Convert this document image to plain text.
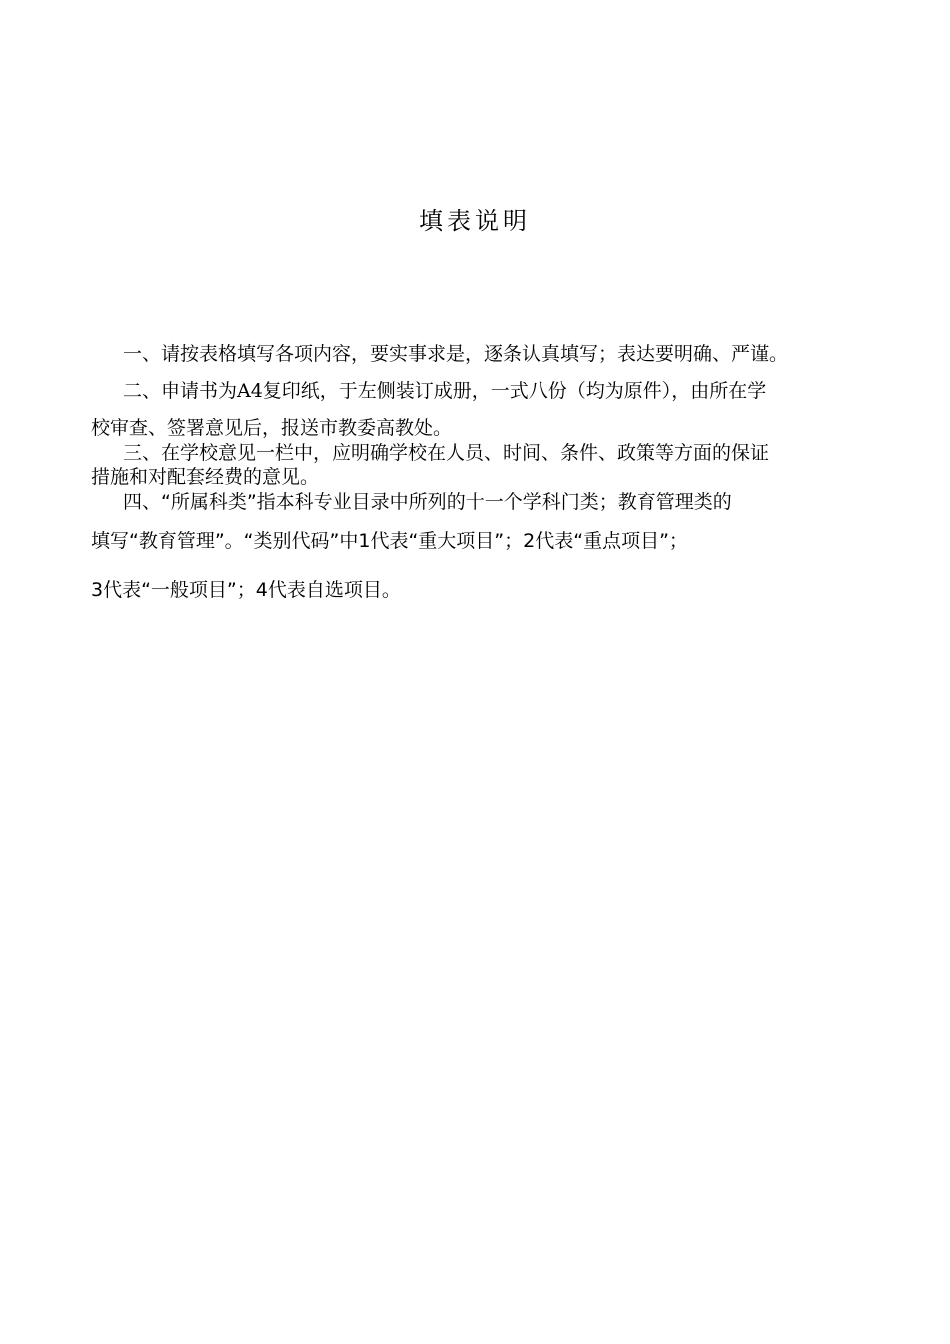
填表说明
一、请按表格填写各项内容，要实事求是，逐条认真填写；表达要明确、严谨。
二、申请书为A4复印纸，于左侧装订成册，一式八份（均为原件），由所在学
校审查、签署意见后，报送市教委高教处。
三、在学校意见一栏中，应明确学校在人员、时间、条件、政策等方面的保证
措施和对配套经费的意见。
四、“所属科类”指本科专业目录中所列的十一个学科门类；教育管理类的
填写“教育管理”。“类别代码”中1代表“重大项目”；2代表“重点项目”；
3代表“一般项目”；4代表自选项目。
